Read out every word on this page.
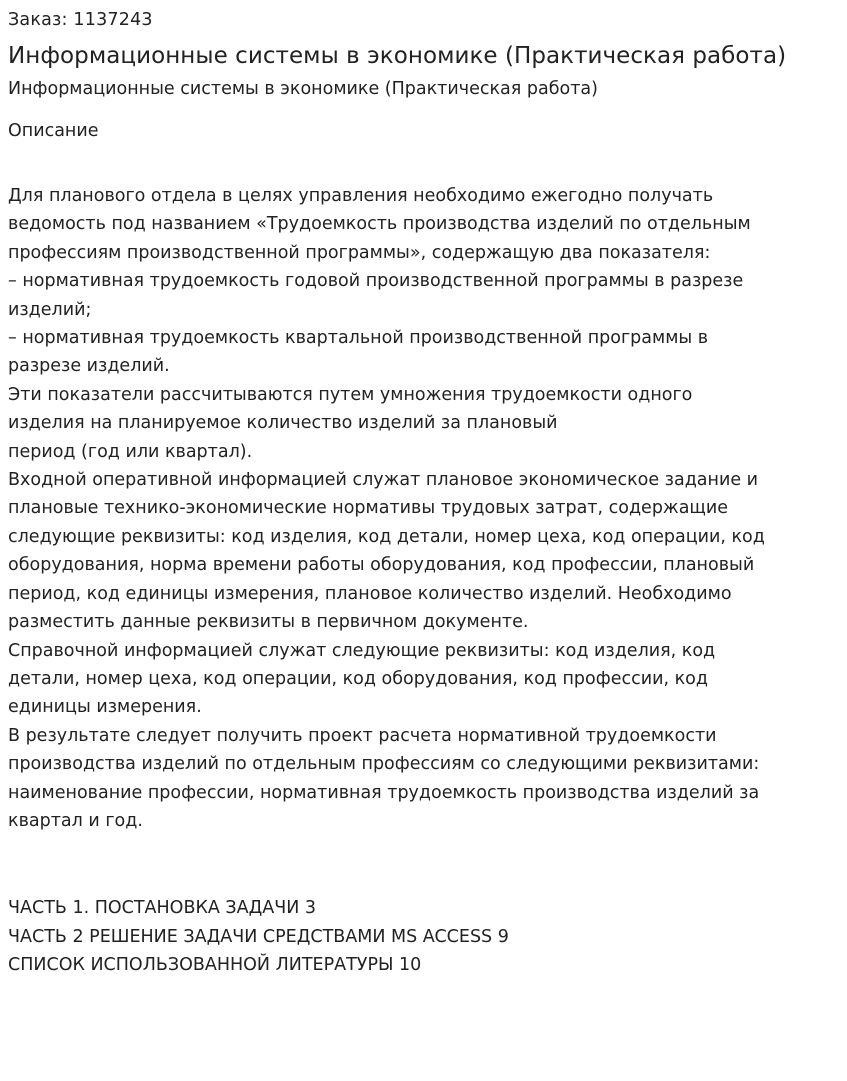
Заказ: 1137243

Информационные системы в экономике (Практическая работа)

Информационные системы в экономике (Практическая работа)

Описание

Для планового отдела в целях управления необходимо ежегодно получать

ведомость под названием «Трудоемкость производства изделий по отдельным

профессиям производственной программы», содержащую два показателя:

– нормативная трудоемкость годовой производственной программы в разрезе

изделий;

– нормативная трудоемкость квартальной производственной программы в

разрезе изделий.

Эти показатели рассчитываются путем умножения трудоемкости одного

изделия на планируемое количество изделий за плановый

период (год или квартал).

Входной оперативной информацией служат плановое экономическое задание и

плановые технико-экономические нормативы трудовых затрат, содержащие

следующие реквизиты: код изделия, код детали, номер цеха, код операции, код

оборудования, норма времени работы оборудования, код профессии, плановый

период, код единицы измерения, плановое количество изделий. Необходимо

разместить данные реквизиты в первичном документе.

Справочной информацией служат следующие реквизиты: код изделия, код

детали, номер цеха, код операции, код оборудования, код профессии, код

единицы измерения.

В результате следует получить проект расчета нормативной трудоемкости

производства изделий по отдельным профессиям со следующими реквизитами:

наименование профессии, нормативная трудоемкость производства изделий за

квартал и год.

ЧАСТЬ 1. ПОСТАНОВКА ЗАДАЧИ 3

ЧАСТЬ 2 РЕШЕНИЕ ЗАДАЧИ СРЕДСТВАМИ MS ACCESS 9

СПИСОК ИСПОЛЬЗОВАННОЙ ЛИТЕРАТУРЫ 10
